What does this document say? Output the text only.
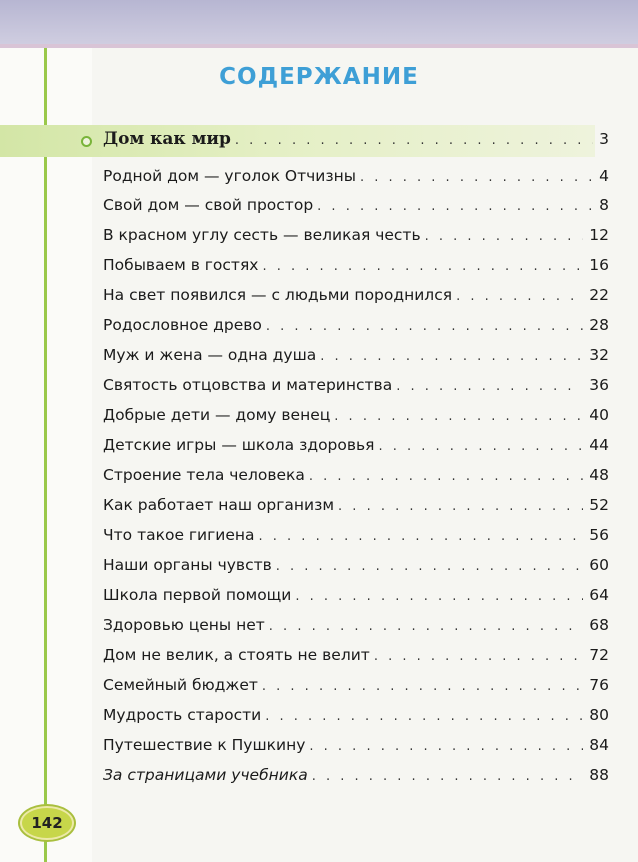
СОДЕРЖАНИЕ
Дом как мир . . .	3
Родной дом — уголок Отчизны . . .	4
Свой дом — свой простор . . .	8
В красном углу сесть — великая честь . . .	12
Побываем в гостях . . .	16
На свет появился — с людьми породнился . . .	22
Родословное древо . . .	28
Муж и жена — одна душа . . .	32
Святость отцовства и материнства . . .	36
Добрые дети — дому венец . . .	40
Детские игры — школа здоровья . . .	44
Строение тела человека . . .	48
Как работает наш организм . . .	52
Что такое гигиена . . .	56
Наши органы чувств . . .	60
Школа первой помощи . . .	64
Здоровью цены нет . . .	68
Дом не велик, а стоять не велит . . .	72
Семейный бюджет . . .	76
Мудрость старости . . .	80
Путешествие к Пушкину . . .	84
За страницами учебника . . .	88
142
